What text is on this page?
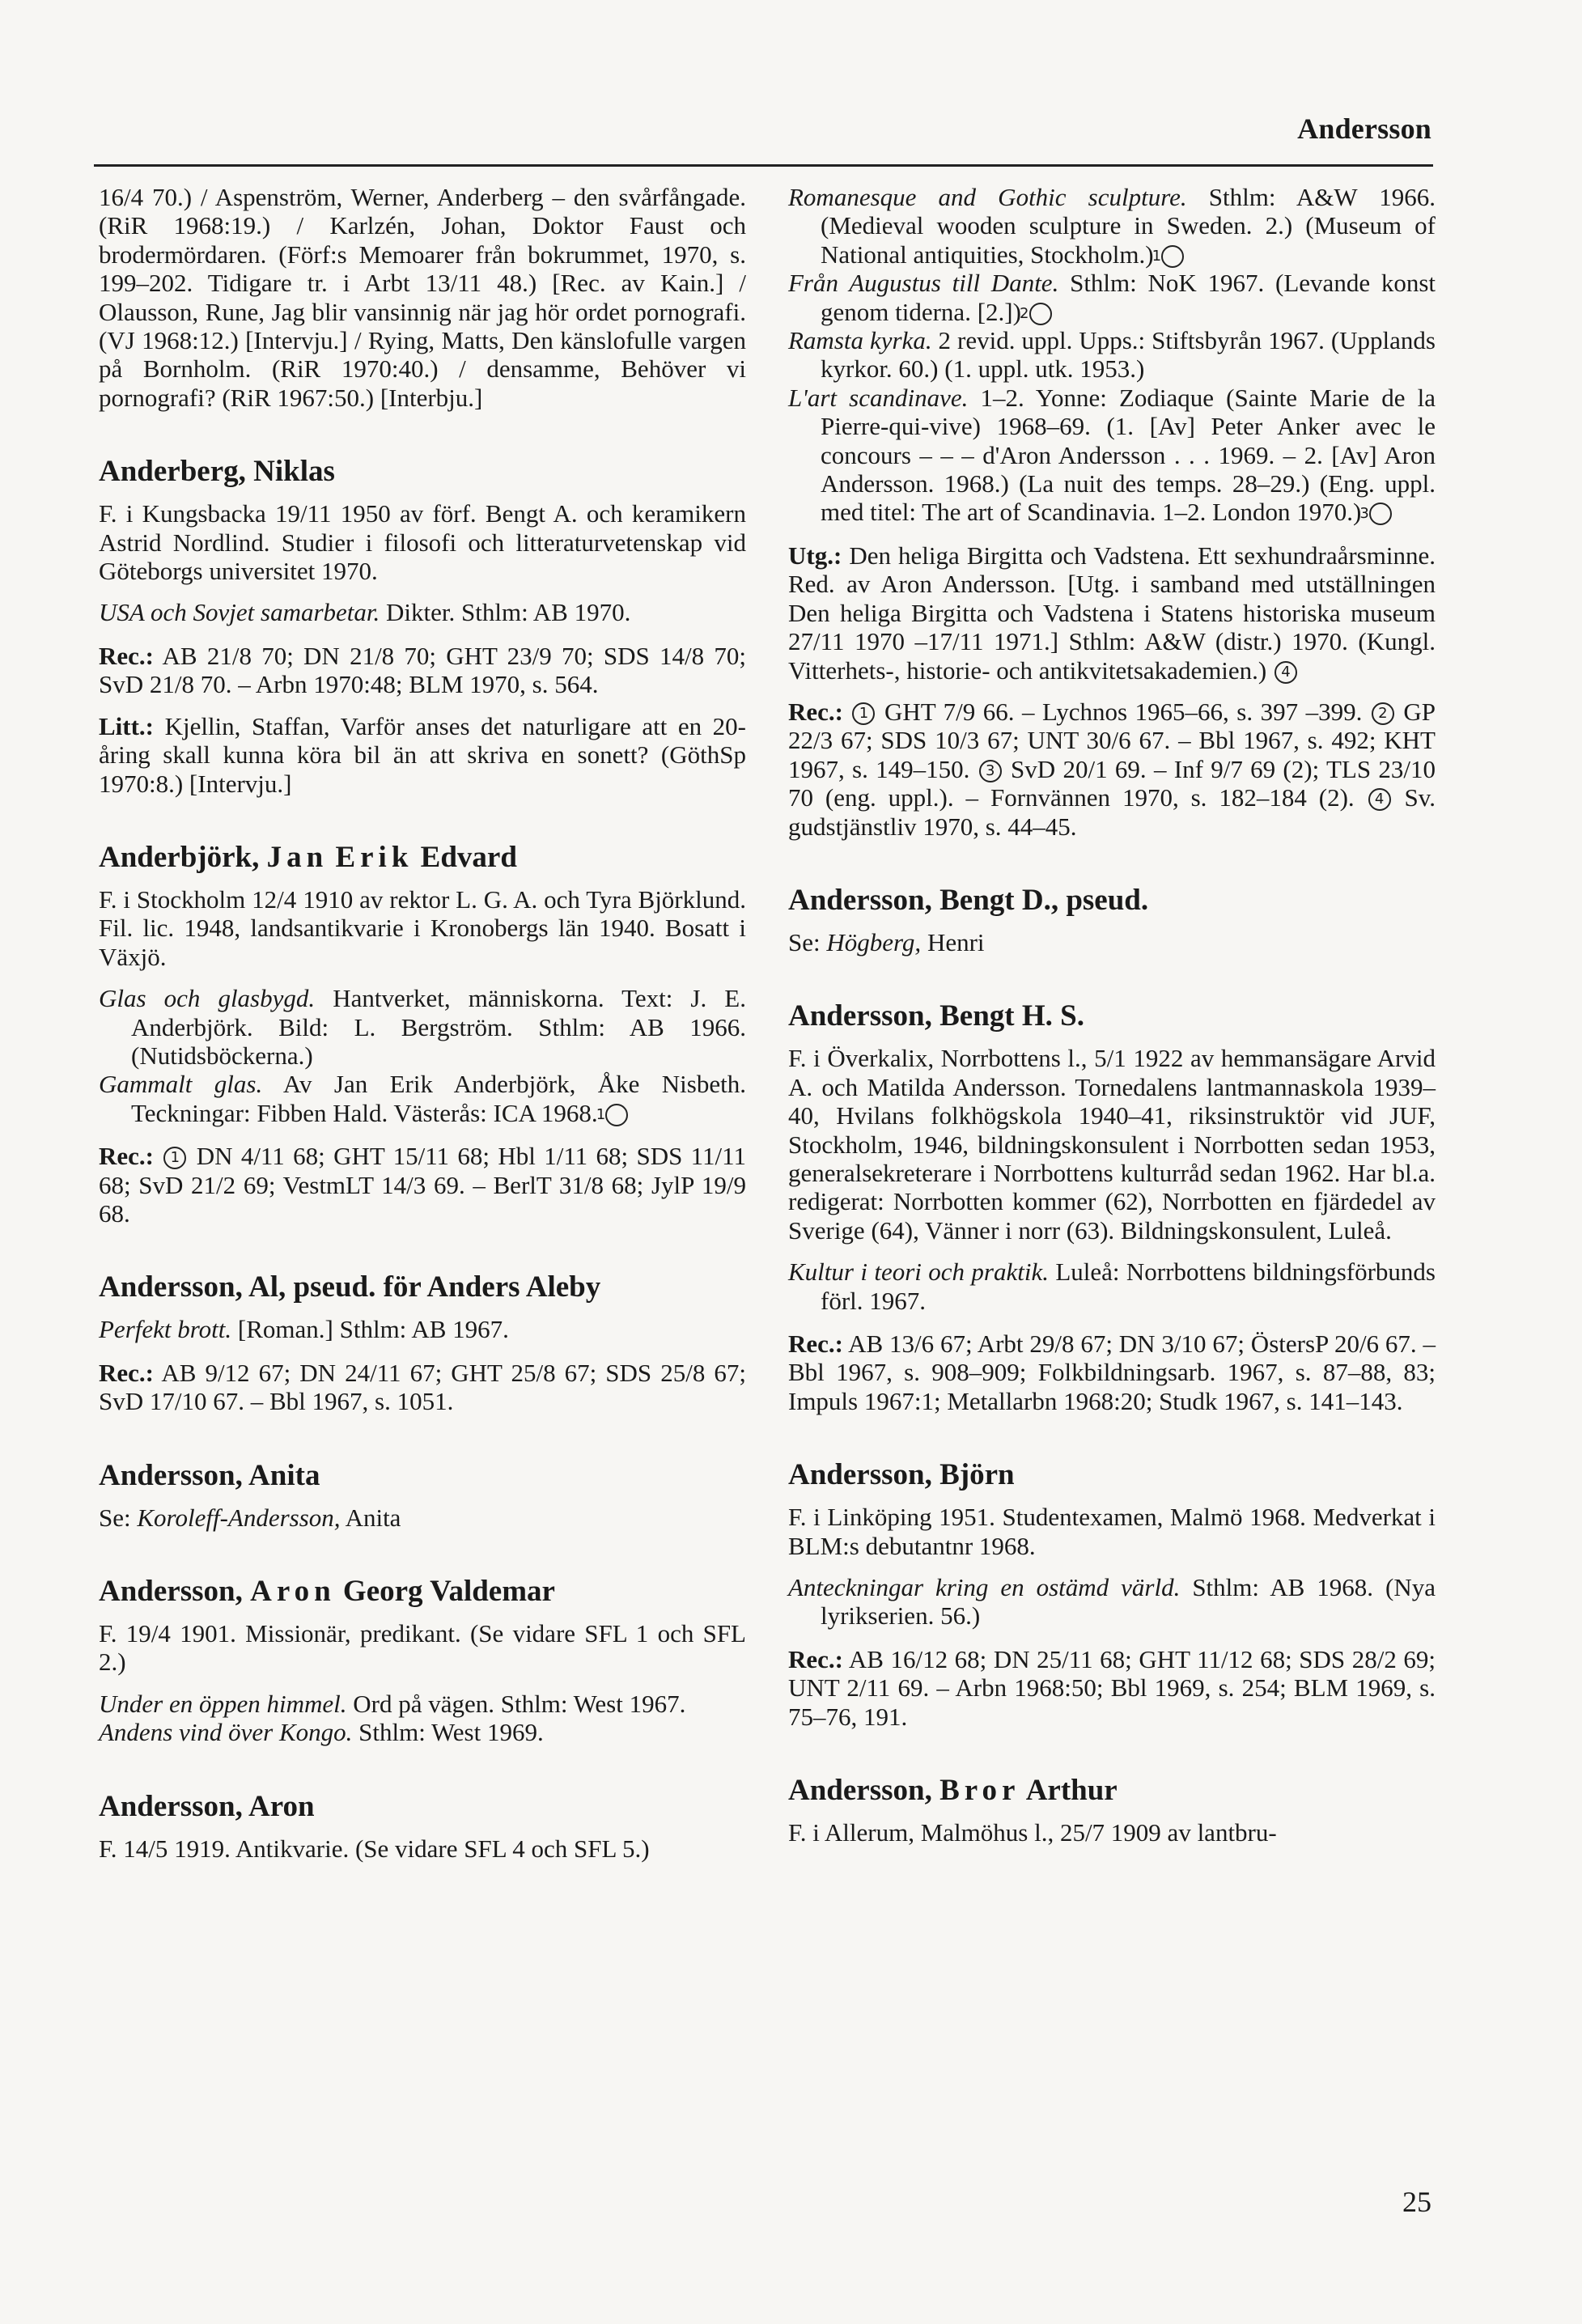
Andersson

16/4 70.) / Aspenström, Werner, Anderberg – den svårfångade. (RiR 1968:19.) / Karlzén, Johan, Doktor Faust och brodermördaren. (Förf:s Memoarer från bokrummet, 1970, s. 199–202. Tidigare tr. i Arbt 13/11 48.) [Rec. av Kain.] / Olausson, Rune, Jag blir vansinnig när jag hör ordet pornografi. (VJ 1968:12.) [Intervju.] / Rying, Matts, Den känslofulle vargen på Bornholm. (RiR 1970:40.) / densamme, Behöver vi pornografi? (RiR 1967:50.) [Interbju.]

Anderberg, Niklas

F. i Kungsbacka 19/11 1950 av förf. Bengt A. och keramikern Astrid Nordlind. Studier i filosofi och litteraturvetenskap vid Göteborgs universitet 1970.

USA och Sovjet samarbetar. Dikter. Sthlm: AB 1970.

Rec.: AB 21/8 70; DN 21/8 70; GHT 23/9 70; SDS 14/8 70; SvD 21/8 70. – Arbn 1970:48; BLM 1970, s. 564.

Litt.: Kjellin, Staffan, Varför anses det naturligare att en 20-åring skall kunna köra bil än att skriva en sonett? (GöthSp 1970:8.) [Intervju.]

Anderbjörk, Jan Erik Edvard

F. i Stockholm 12/4 1910 av rektor L. G. A. och Tyra Björklund. Fil. lic. 1948, landsantikvarie i Kronobergs län 1940. Bosatt i Växjö.

Glas och glasbygd. Hantverket, människorna. Text: J. E. Anderbjörk. Bild: L. Bergström. Sthlm: AB 1966. (Nutidsböckerna.)

Gammalt glas. Av Jan Erik Anderbjörk, Åke Nisbeth. Teckningar: Fibben Hald. Västerås: ICA 1968. 1

Rec.: 1 DN 4/11 68; GHT 15/11 68; Hbl 1/11 68; SDS 11/11 68; SvD 21/2 69; VestmLT 14/3 69. – BerlT 31/8 68; JylP 19/9 68.

Andersson, Al, pseud. för Anders Aleby

Perfekt brott. [Roman.] Sthlm: AB 1967.

Rec.: AB 9/12 67; DN 24/11 67; GHT 25/8 67; SDS 25/8 67; SvD 17/10 67. – Bbl 1967, s. 1051.

Andersson, Anita

Se: Koroleff-Andersson, Anita

Andersson, Aron Georg Valdemar

F. 19/4 1901. Missionär, predikant. (Se vidare SFL 1 och SFL 2.)

Under en öppen himmel. Ord på vägen. Sthlm: West 1967.

Andens vind över Kongo. Sthlm: West 1969.

Andersson, Aron

F. 14/5 1919. Antikvarie. (Se vidare SFL 4 och SFL 5.)

Romanesque and Gothic sculpture. Sthlm: A&W 1966. (Medieval wooden sculpture in Sweden. 2.) (Museum of National antiquities, Stockholm.) 1

Från Augustus till Dante. Sthlm: NoK 1967. (Levande konst genom tiderna. [2.]) 2

Ramsta kyrka. 2 revid. uppl. Upps.: Stiftsbyrån 1967. (Upplands kyrkor. 60.) (1. uppl. utk. 1953.)

L'art scandinave. 1–2. Yonne: Zodiaque (Sainte Marie de la Pierre-qui-vive) 1968–69. (1. [Av] Peter Anker avec le concours – – – d'Aron Andersson . . . 1969. – 2. [Av] Aron Andersson. 1968.) (La nuit des temps. 28–29.) (Eng. uppl. med titel: The art of Scandinavia. 1–2. London 1970.) 3

Utg.: Den heliga Birgitta och Vadstena. Ett sexhundraårsminne. Red. av Aron Andersson. [Utg. i samband med utställningen Den heliga Birgitta och Vadstena i Statens historiska museum 27/11 1970 –17/11 1971.] Sthlm: A&W (distr.) 1970. (Kungl. Vitterhets-, historie- och antikvitetsakademien.) 4

Rec.: 1 GHT 7/9 66. – Lychnos 1965–66, s. 397 –399. 2 GP 22/3 67; SDS 10/3 67; UNT 30/6 67. – Bbl 1967, s. 492; KHT 1967, s. 149–150. 3 SvD 20/1 69. – Inf 9/7 69 (2); TLS 23/10 70 (eng. uppl.). – Fornvännen 1970, s. 182–184 (2). 4 Sv. gudstjänstliv 1970, s. 44–45.

Andersson, Bengt D., pseud.

Se: Högberg, Henri

Andersson, Bengt H. S.

F. i Överkalix, Norrbottens l., 5/1 1922 av hemmansägare Arvid A. och Matilda Andersson. Tornedalens lantmannaskola 1939–40, Hvilans folkhögskola 1940–41, riksinstruktör vid JUF, Stockholm, 1946, bildningskonsulent i Norrbotten sedan 1953, generalsekreterare i Norrbottens kulturråd sedan 1962. Har bl.a. redigerat: Norrbotten kommer (62), Norrbotten en fjärdedel av Sverige (64), Vänner i norr (63). Bildningskonsulent, Luleå.

Kultur i teori och praktik. Luleå: Norrbottens bildningsförbunds förl. 1967.

Rec.: AB 13/6 67; Arbt 29/8 67; DN 3/10 67; ÖstersP 20/6 67. – Bbl 1967, s. 908–909; Folkbildningsarb. 1967, s. 87–88, 83; Impuls 1967:1; Metallarbn 1968:20; Studk 1967, s. 141–143.

Andersson, Björn

F. i Linköping 1951. Studentexamen, Malmö 1968. Medverkat i BLM:s debutantnr 1968.

Anteckningar kring en ostämd värld. Sthlm: AB 1968. (Nya lyrikserien. 56.)

Rec.: AB 16/12 68; DN 25/11 68; GHT 11/12 68; SDS 28/2 69; UNT 2/11 69. – Arbn 1968:50; Bbl 1969, s. 254; BLM 1969, s. 75–76, 191.

Andersson, Bror Arthur

F. i Allerum, Malmöhus l., 25/7 1909 av lantbru-

25
